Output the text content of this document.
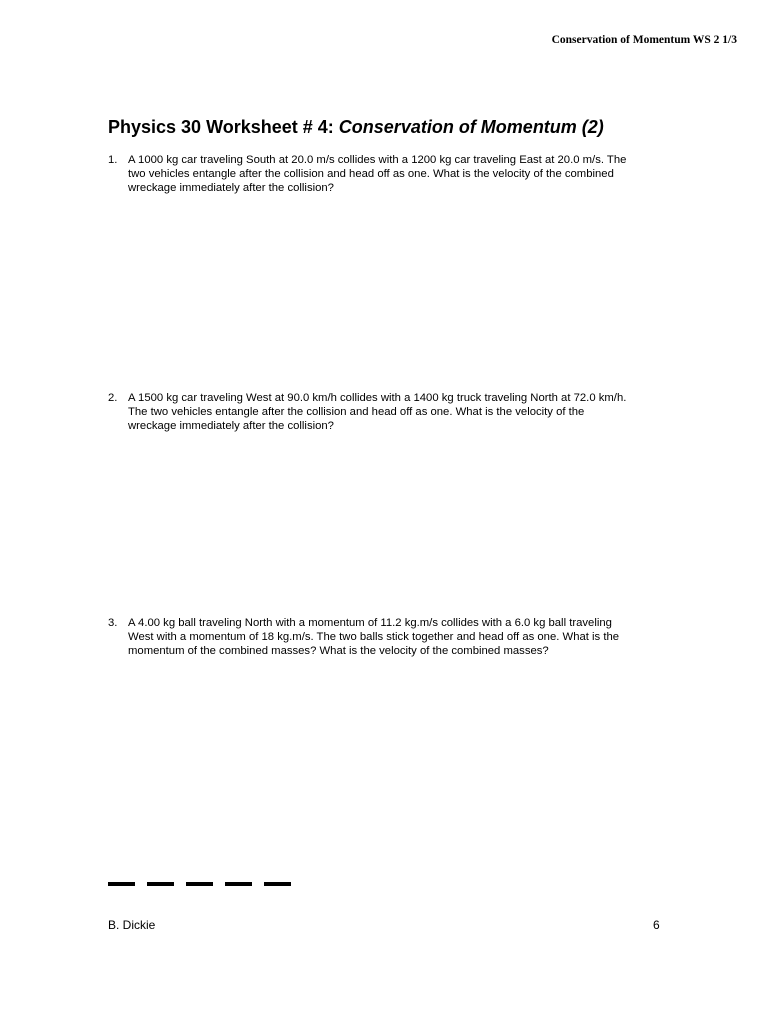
Conservation of Momentum WS 2 1/3
Physics 30 Worksheet # 4: Conservation of Momentum (2)
1. A 1000 kg car traveling South at 20.0 m/s collides with a 1200 kg car traveling East at 20.0 m/s. The
two vehicles entangle after the collision and head off as one. What is the velocity of the combined
wreckage immediately after the collision?
2. A 1500 kg car traveling West at 90.0 km/h collides with a 1400 kg truck traveling North at 72.0 km/h.
The two vehicles entangle after the collision and head off as one. What is the velocity of the
wreckage immediately after the collision?
3. A 4.00 kg ball traveling North with a momentum of 11.2 kg.m/s collides with a 6.0 kg ball traveling
West with a momentum of 18 kg.m/s. The two balls stick together and head off as one. What is the
momentum of the combined masses? What is the velocity of the combined masses?
B. Dickie	6
